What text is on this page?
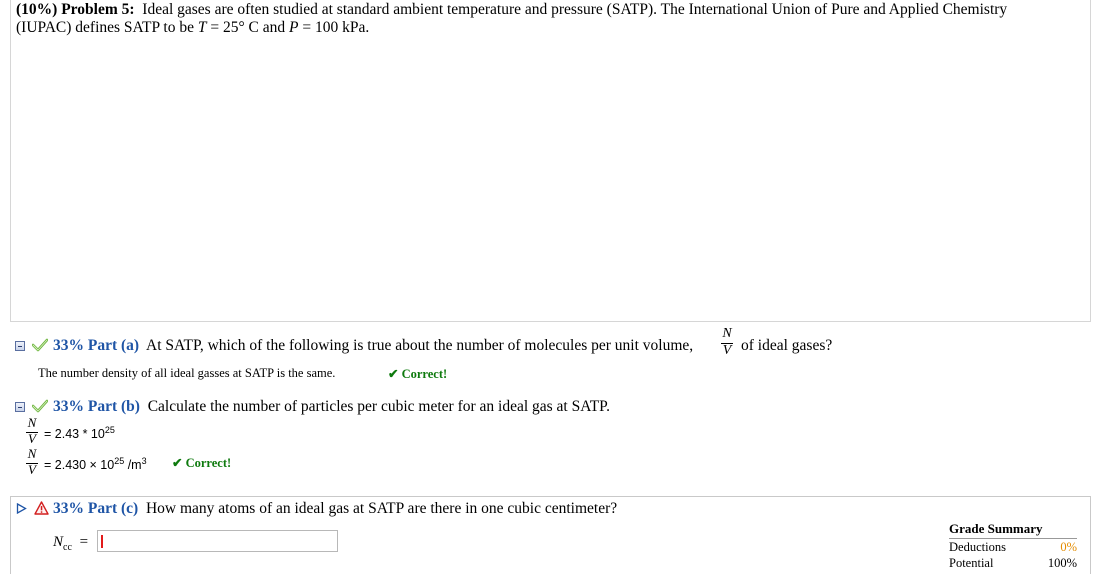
(10%) Problem 5: Ideal gases are often studied at standard ambient temperature and pressure (SATP). The International Union of Pure and Applied Chemistry
(IUPAC) defines SATP to be T = 25° C and P = 100 kPa.
33% Part (a) At SATP, which of the following is true about the number of molecules per unit volume,
N
V of ideal gases?
The number density of all ideal gasses at SATP is the same.	✔ Correct!
33% Part (b) Calculate the number of particles per cubic meter for an ideal gas at SATP.
N
$V = 2.43 * 10^{25}$
N
$V = 2.430 \times 10^{25}$ $/m^3$ ✔ Correct!
33% Part (c) How many atoms of an ideal gas at SATP are there in one cubic centimeter?
$N_{cc}$ =
Grade Summary
Deductions	0%
Potential	100%
